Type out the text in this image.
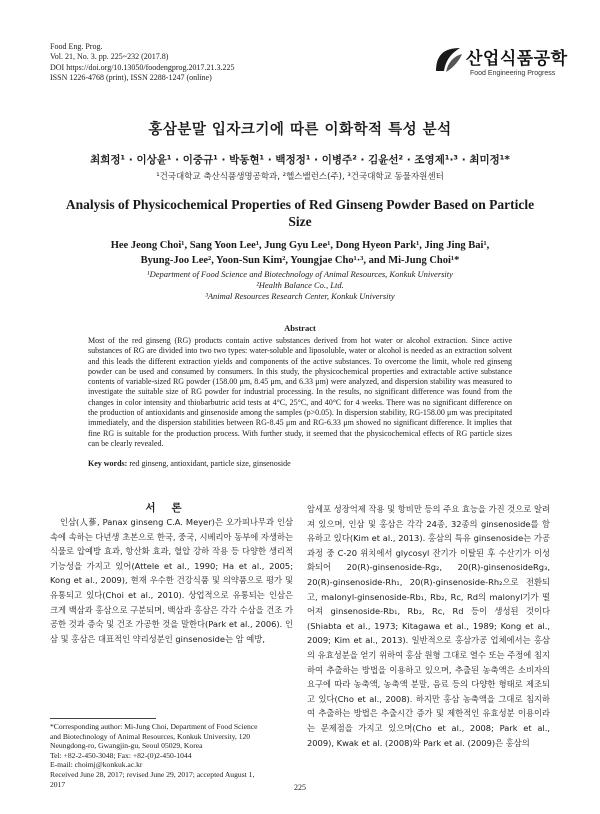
Food Eng. Prog.
Vol. 21, No. 3. pp. 225~232 (2017.8)
DOI https://doi.org/10.13050/foodengprog.2017.21.3.225
ISSN 1226-4768 (print), ISSN 2288-1247 (online)
산업식품공학
Food Engineering Progress
홍삼분말 입자크기에 따른 이화학적 특성 분석
최희정¹ · 이상윤¹ · 이중규¹ · 박동현¹ · 백정정¹ · 이병주² · 김윤선² · 조영제¹·³ · 최미정¹*
¹건국대학교 축산식품생명공학과, ²헬스밸런스(주), ³건국대학교 동물자원센터
Analysis of Physicochemical Properties of Red Ginseng Powder Based on Particle Size
Hee Jeong Choi¹, Sang Yoon Lee¹, Jung Gyu Lee¹, Dong Hyeon Park¹, Jing Jing Bai¹,
Byung-Joo Lee², Yoon-Sun Kim², Youngjae Cho¹·³, and Mi-Jung Choi¹*
¹Department of Food Science and Biotechnology of Animal Resources, Konkuk University
²Health Balance Co., Ltd.
³Animal Resources Research Center, Konkuk University
Abstract
Most of the red ginseng (RG) products contain active substances derived from hot water or alcohol extraction. Since active substances of RG are divided into two two types: water-soluble and liposoluble, water or alcohol is needed as an extraction solvent and this leads the different extraction yields and components of the active substances. To overcome the limit, whole red ginseng powder can be used and consumed by consumers. In this study, the physicochemical properties and extractable active substance contents of variable-sized RG powder (158.00 μm, 8.45 μm, and 6.33 μm) were analyzed, and dispersion stability was measured to investigate the suitable size of RG powder for industrial processing. In the results, no significant difference was found from the changes in color intensity and thiobarbutric acid tests at 4°C, 25°C, and 40°C for 4 weeks. There was no significant difference on the production of antioxidants and ginsenoside among the samples (p>0.05). In dispersion stability, RG-158.00 μm was precipitated immediately, and the dispersion stabilities between RG-8.45 μm and RG-6.33 μm showed no significant difference. It implies that fine RG is suitable for the production process. With further study, it seemed that the physicochemical effects of RG particle sizes can be clearly revealed.
Key words: red ginseng, antioxidant, particle size, ginsenoside
서론

인삼(人蔘, Panax ginseng C.A. Meyer)은 오가피나무과 인삼속에 속하는 다년생 초본으로 한국, 중국, 시베리아 동부에 자생하는 식물로 압예방 효과, 항산화 효과, 혈압 강하 작용 등 다양한 생리적 기능성을 가지고 있어(Attele et al., 1990; Ha et al., 2005; Kong et al., 2009), 현재 우수한 건강식품 및 의약품으로 평가 및 유통되고 있다(Choi et al., 2010). 상업적으로 유통되는 인삼은 크게 백삼과 홍삼으로 구분되며, 백삼과 홍삼은 각각 수삼을 건조 가공한 것과 증숙 및 건조 가공한 것을 말한다(Park et al., 2006). 인삼 및 홍삼은 대표적인 약리성분인 ginsenoside는 암 예방,

암세포 성장억제 작용 및 항비만 등의 주요 효능을 가진 것으로 알려져 있으며, 인삼 및 홍삼은 각각 24종, 32종의 ginsenoside를 함유하고 있다(Kim et al., 2013). 홍삼의 특유 ginsenoside는 가공 과정 중 C-20 위치에서 glycosyl 잔기가 이탈된 후 수산기가 이성화되어 20(R)-ginsenoside-Rg₂, 20(R)-ginsenosideRg₃, 20(R)-ginsenoside-Rh₁, 20(R)-ginsenoside-Rh₂으로 전환되고, malonyl-ginsenoside-Rb₁, Rb₂, Rc, Rd의 malonyl기가 떨어져 ginsenoside-Rb₁, Rb₂, Rc, Rd 등이 생성된 것이다(Shiabta et al., 1973; Kitagawa et al., 1989; Kong et al., 2009; Kim et al., 2013). 일반적으로 홍삼가공 업체에서는 홍삼의 유효성분을 얻기 위하여 홍삼 원형 그대로 열수 또는 주정에 침지하여 추출하는 방법을 이용하고 있으며, 추출된 농축액은 소비자의 요구에 따라 농축액, 농축액 분말, 음료 등의 다양한 형태로 제조되고 있다(Cho et al., 2008). 하지만 홍삼 농축액을 그대로 침지하여 추출하는 방법은 추출시간 증가 및 제한적인 유효성분 이용이라는 문제점을 가지고 있으며(Cho et al., 2008; Park et al., 2009), Kwak et al. (2008)와 Park et al. (2009)은 홍삼의

*Corresponding author: Mi-Jung Choi, Department of Food Science
and Biotechnology of Animal Resources, Konkuk University, 120
Neungdong-ro, Gwangjin-gu, Seoul 05029, Korea
Tel: +82-2-450-3048; Fax: +82-(0)2-450-1044
E-mail: choimj@konkuk.ac.kr
Received June 28, 2017; revised June 29, 2017; accepted August 1,
2017	225
